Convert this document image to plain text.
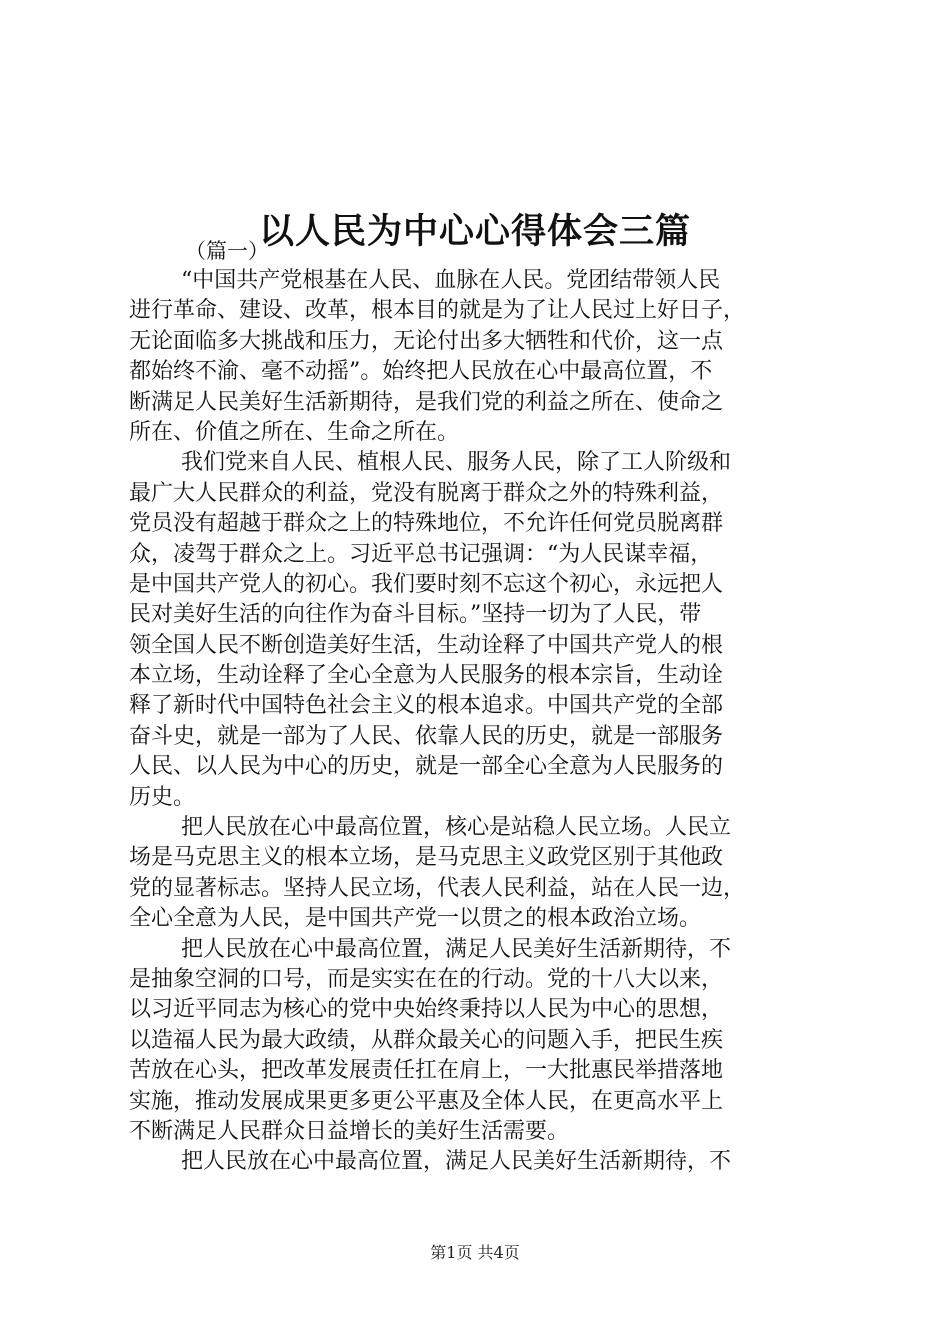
以人民为中心心得体会三篇

（篇一）

“中国共产党根基在人民、血脉在人民。党团结带领人民
进行革命、建设、改革，根本目的就是为了让人民过上好日子，
无论面临多大挑战和压力，无论付出多大牺牲和代价，这一点
都始终不渝、毫不动摇”。始终把人民放在心中最高位置，不
断满足人民美好生活新期待，是我们党的利益之所在、使命之
所在、价值之所在、生命之所在。

我们党来自人民、植根人民、服务人民，除了工人阶级和
最广大人民群众的利益，党没有脱离于群众之外的特殊利益，
党员没有超越于群众之上的特殊地位，不允许任何党员脱离群
众，凌驾于群众之上。习近平总书记强调：“为人民谋幸福，
是中国共产党人的初心。我们要时刻不忘这个初心，永远把人
民对美好生活的向往作为奋斗目标。”坚持一切为了人民，带
领全国人民不断创造美好生活，生动诠释了中国共产党人的根
本立场，生动诠释了全心全意为人民服务的根本宗旨，生动诠
释了新时代中国特色社会主义的根本追求。中国共产党的全部
奋斗史，就是一部为了人民、依靠人民的历史，就是一部服务
人民、以人民为中心的历史，就是一部全心全意为人民服务的
历史。

把人民放在心中最高位置，核心是站稳人民立场。人民立
场是马克思主义的根本立场，是马克思主义政党区别于其他政
党的显著标志。坚持人民立场，代表人民利益，站在人民一边，
全心全意为人民，是中国共产党一以贯之的根本政治立场。

把人民放在心中最高位置，满足人民美好生活新期待，不
是抽象空洞的口号，而是实实在在的行动。党的十八大以来，
以习近平同志为核心的党中央始终秉持以人民为中心的思想，
以造福人民为最大政绩，从群众最关心的问题入手，把民生疾
苦放在心头，把改革发展责任扛在肩上，一大批惠民举措落地
实施，推动发展成果更多更公平惠及全体人民，在更高水平上
不断满足人民群众日益增长的美好生活需要。

把人民放在心中最高位置，满足人民美好生活新期待，不

第1页 共4页
